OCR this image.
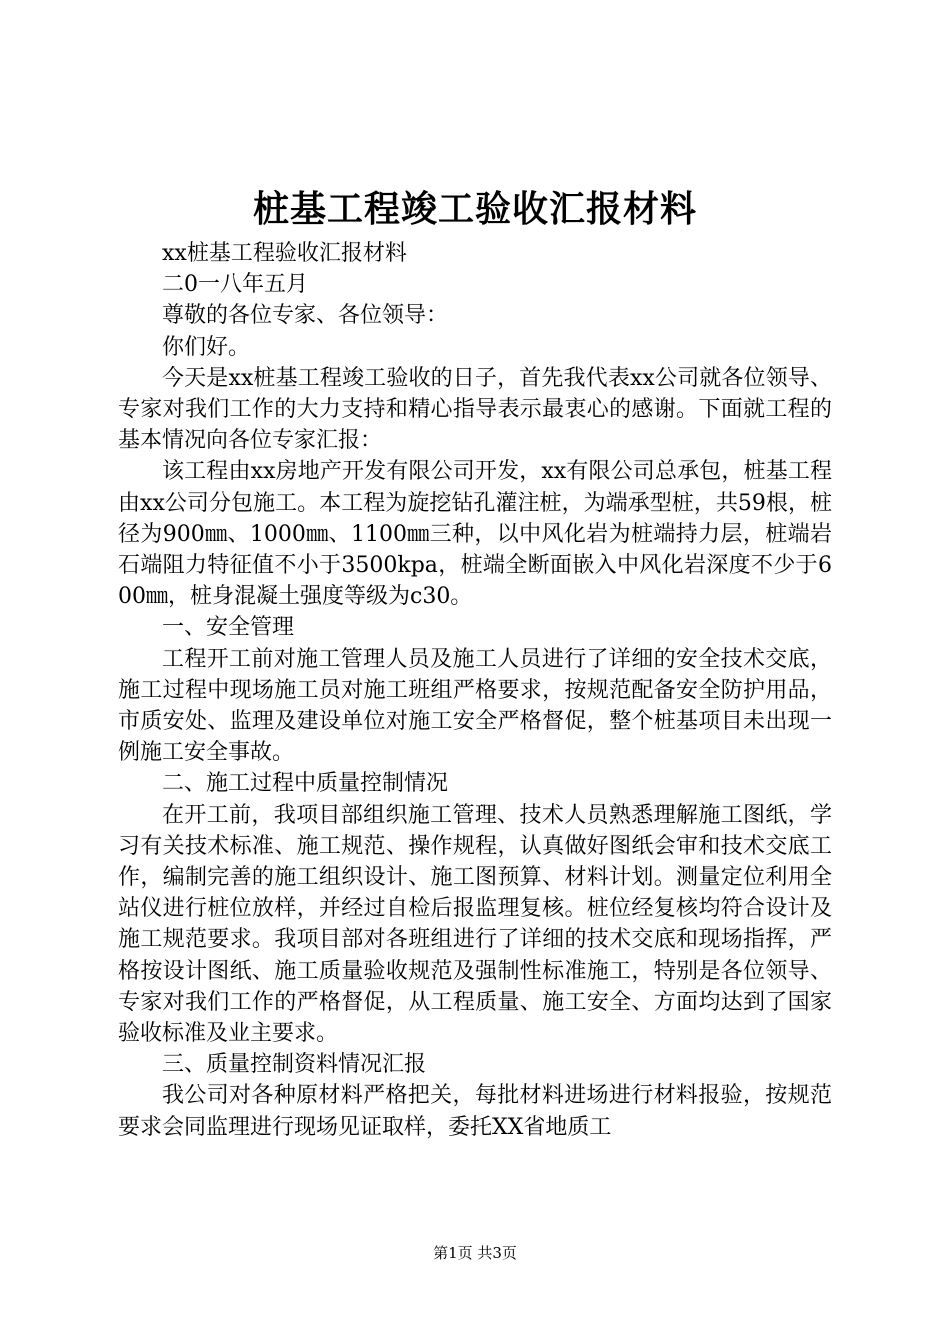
桩基工程竣工验收汇报材料

xx桩基工程验收汇报材料

二0一八年五月

尊敬的各位专家、各位领导：

你们好。

今天是xx桩基工程竣工验收的日子，首先我代表xx公司就各位领导、专家对我们工作的大力支持和精心指导表示最衷心的感谢。下面就工程的基本情况向各位专家汇报：

该工程由xx房地产开发有限公司开发，xx有限公司总承包，桩基工程由xx公司分包施工。本工程为旋挖钻孔灌注桩，为端承型桩，共59根，桩径为900㎜、1000㎜、1100㎜三种，以中风化岩为桩端持力层，桩端岩石端阻力特征值不小于3500kpa，桩端全断面嵌入中风化岩深度不少于600㎜，桩身混凝土强度等级为c30。

一、安全管理

工程开工前对施工管理人员及施工人员进行了详细的安全技术交底，施工过程中现场施工员对施工班组严格要求，按规范配备安全防护用品，市质安处、监理及建设单位对施工安全严格督促，整个桩基项目未出现一例施工安全事故。

二、施工过程中质量控制情况

在开工前，我项目部组织施工管理、技术人员熟悉理解施工图纸，学习有关技术标准、施工规范、操作规程，认真做好图纸会审和技术交底工作，编制完善的施工组织设计、施工图预算、材料计划。测量定位利用全站仪进行桩位放样，并经过自检后报监理复核。桩位经复核均符合设计及施工规范要求。我项目部对各班组进行了详细的技术交底和现场指挥，严格按设计图纸、施工质量验收规范及强制性标准施工，特别是各位领导、专家对我们工作的严格督促，从工程质量、施工安全、方面均达到了国家验收标准及业主要求。

三、质量控制资料情况汇报

我公司对各种原材料严格把关，每批材料进场进行材料报验，按规范要求会同监理进行现场见证取样，委托XX省地质工

第1页 共3页
